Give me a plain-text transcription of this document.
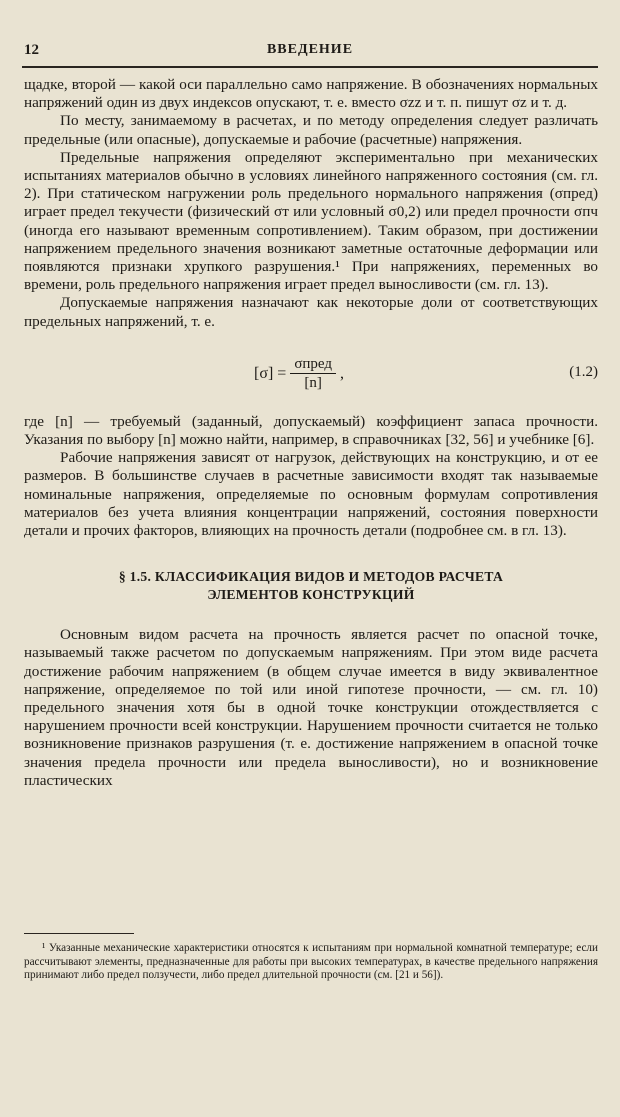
12	ВВЕДЕНИЕ

щадке, второй — какой оси параллельно само напряжение. В обозначениях нормальных напряжений один из двух индексов опускают, т. е. вместо σzz и т. п. пишут σz и т. д.

По месту, занимаемому в расчетах, и по методу определения следует различать предельные (или опасные), допускаемые и рабочие (расчетные) напряжения.

Предельные напряжения определяют экспериментально при механических испытаниях материалов обычно в условиях линейного напряженного состояния (см. гл. 2). При статическом нагружении роль предельного нормального напряжения (σпред) играет предел текучести (физический σт или условный σ0,2) или предел прочности σпч (иногда его называют временным сопротивлением). Таким образом, при достижении напряжением предельного значения возникают заметные остаточные деформации или появляются признаки хрупкого разрушения.¹ При напряжениях, переменных во времени, роль предельного напряжения играет предел выносливости (см. гл. 13).

Допускаемые напряжения назначают как некоторые доли от соответствующих предельных напряжений, т. е.

$[\sigma] = \frac{\text{σпред}}{[n]}$ ,	(1.2)

где [n] — требуемый (заданный, допускаемый) коэффициент запаса прочности. Указания по выбору [n] можно найти, например, в справочниках [32, 56] и учебнике [6].

Рабочие напряжения зависят от нагрузок, действующих на конструкцию, и от ее размеров. В большинстве случаев в расчетные зависимости входят так называемые номинальные напряжения, определяемые по основным формулам сопротивления материалов без учета влияния концентрации напряжений, состояния поверхности детали и прочих факторов, влияющих на прочность детали (подробнее см. в гл. 13).

§ 1.5. КЛАССИФИКАЦИЯ ВИДОВ И МЕТОДОВ РАСЧЕТА
ЭЛЕМЕНТОВ КОНСТРУКЦИЙ

Основным видом расчета на прочность является расчет по опасной точке, называемый также расчетом по допускаемым напряжениям. При этом виде расчета достижение рабочим напряжением (в общем случае имеется в виду эквивалентное напряжение, определяемое по той или иной гипотезе прочности, — см. гл. 10) предельного значения хотя бы в одной точке конструкции отождествляется с нарушением прочности всей конструкции. Нарушением прочности считается не только возникновение признаков разрушения (т. е. достижение напряжением в опасной точке значения предела прочности или предела выносливости), но и возникновение пластических

¹ Указанные механические характеристики относятся к испытаниям при нормальной комнатной температуре; если рассчитывают элементы, предназначенные для работы при высоких температурах, в качестве предельного напряжения принимают либо предел ползучести, либо предел длительной прочности (см. [21 и 56]).
